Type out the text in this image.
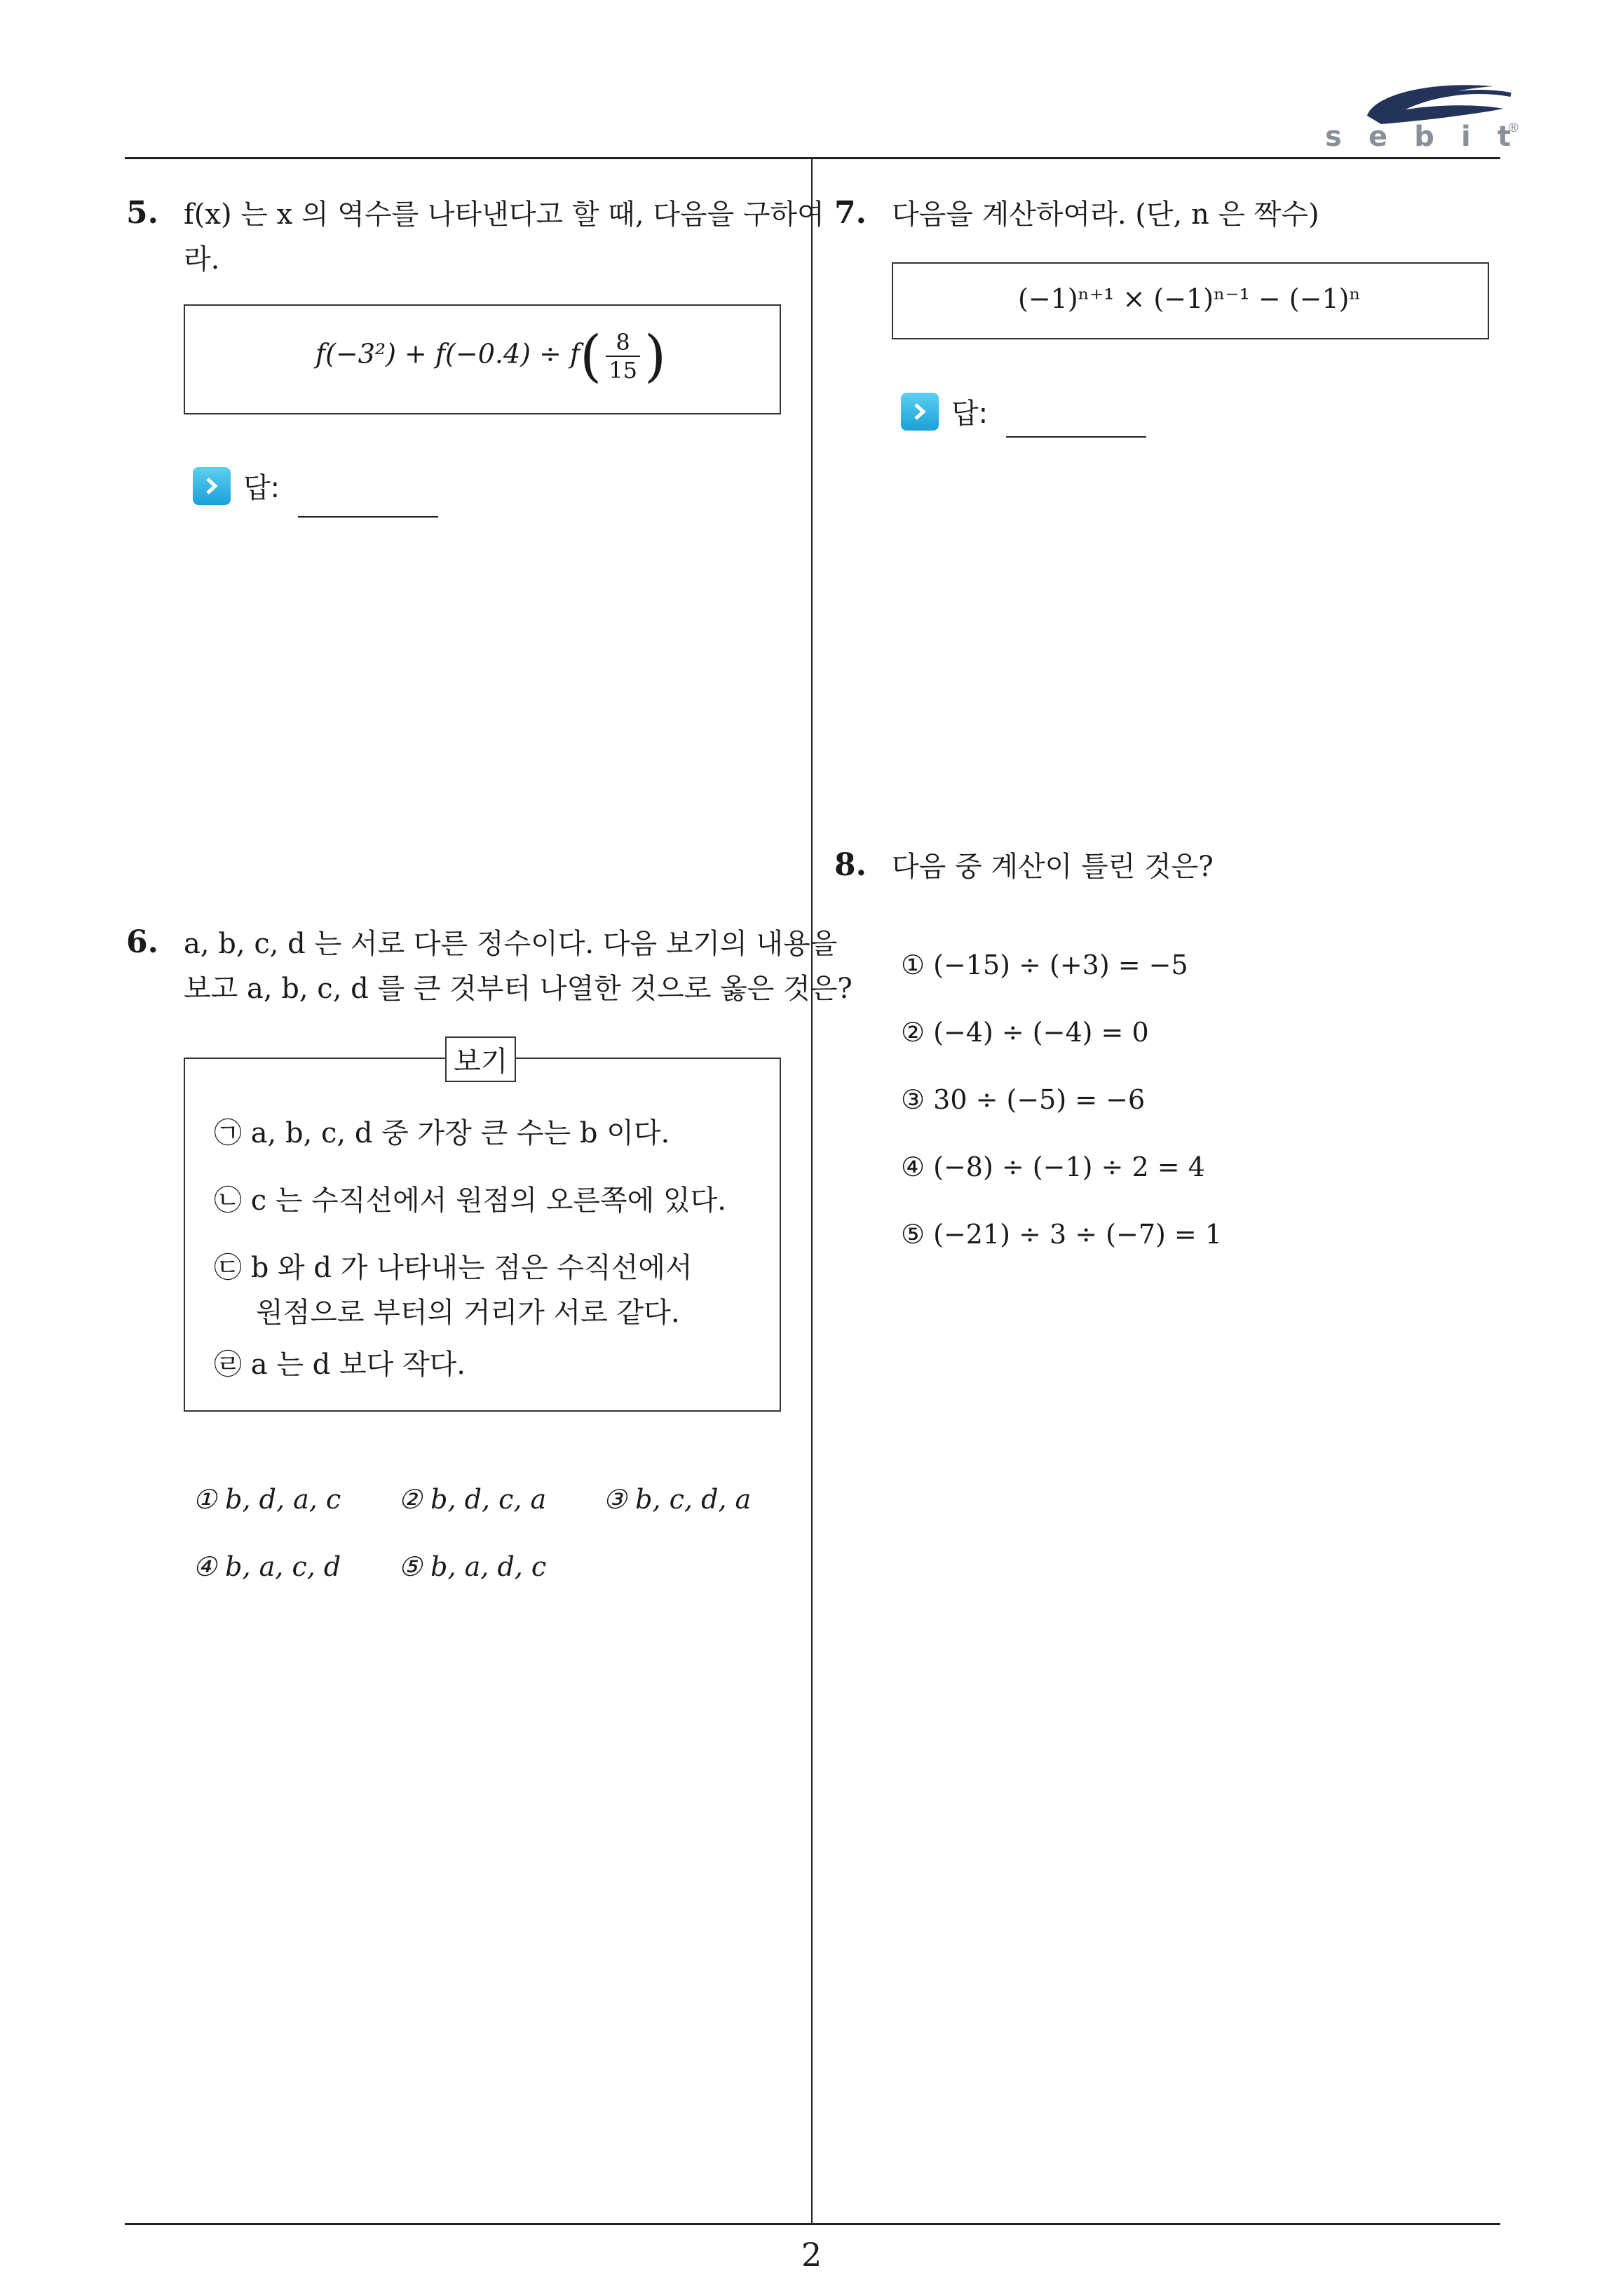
s e b i t
®
5. f(x) 는 x 의 역수를 나타낸다고 할 때, 다음을 구하여
라.
$f(-3^2) + f(-0.4) \div f( \frac{8}{15}$ )
답:
6. a, b, c, d 는 서로 다른 정수이다. 다음 보기의 내용을
보고 a, b, c, d 를 큰 것부터 나열한 것으로 옳은 것은?
보기
㉠ a, b, c, d 중 가장 큰 수는 b 이다.
㉡ c 는 수직선에서 원점의 오른쪽에 있다.
㉢ b 와 d 가 나타내는 점은 수직선에서
원점으로 부터의 거리가 서로 같다.
㉣ a 는 d 보다 작다.
① b, d, a, c ② b, d, c, a ③ b, c, d, a
④ b, a, c, d ⑤ b, a, d, c
7. 다음을 계산하여라. (단, n 은 짝수)
(−1)ⁿ⁺¹ × (−1)ⁿ⁻¹ − (−1)ⁿ
답:
8. 다음 중 계산이 틀린 것은?
① (−15) ÷ (+3) = −5
② (−4) ÷ (−4) = 0
③ 30 ÷ (−5) = −6
④ (−8) ÷ (−1) ÷ 2 = 4
⑤ (−21) ÷ 3 ÷ (−7) = 1
2
